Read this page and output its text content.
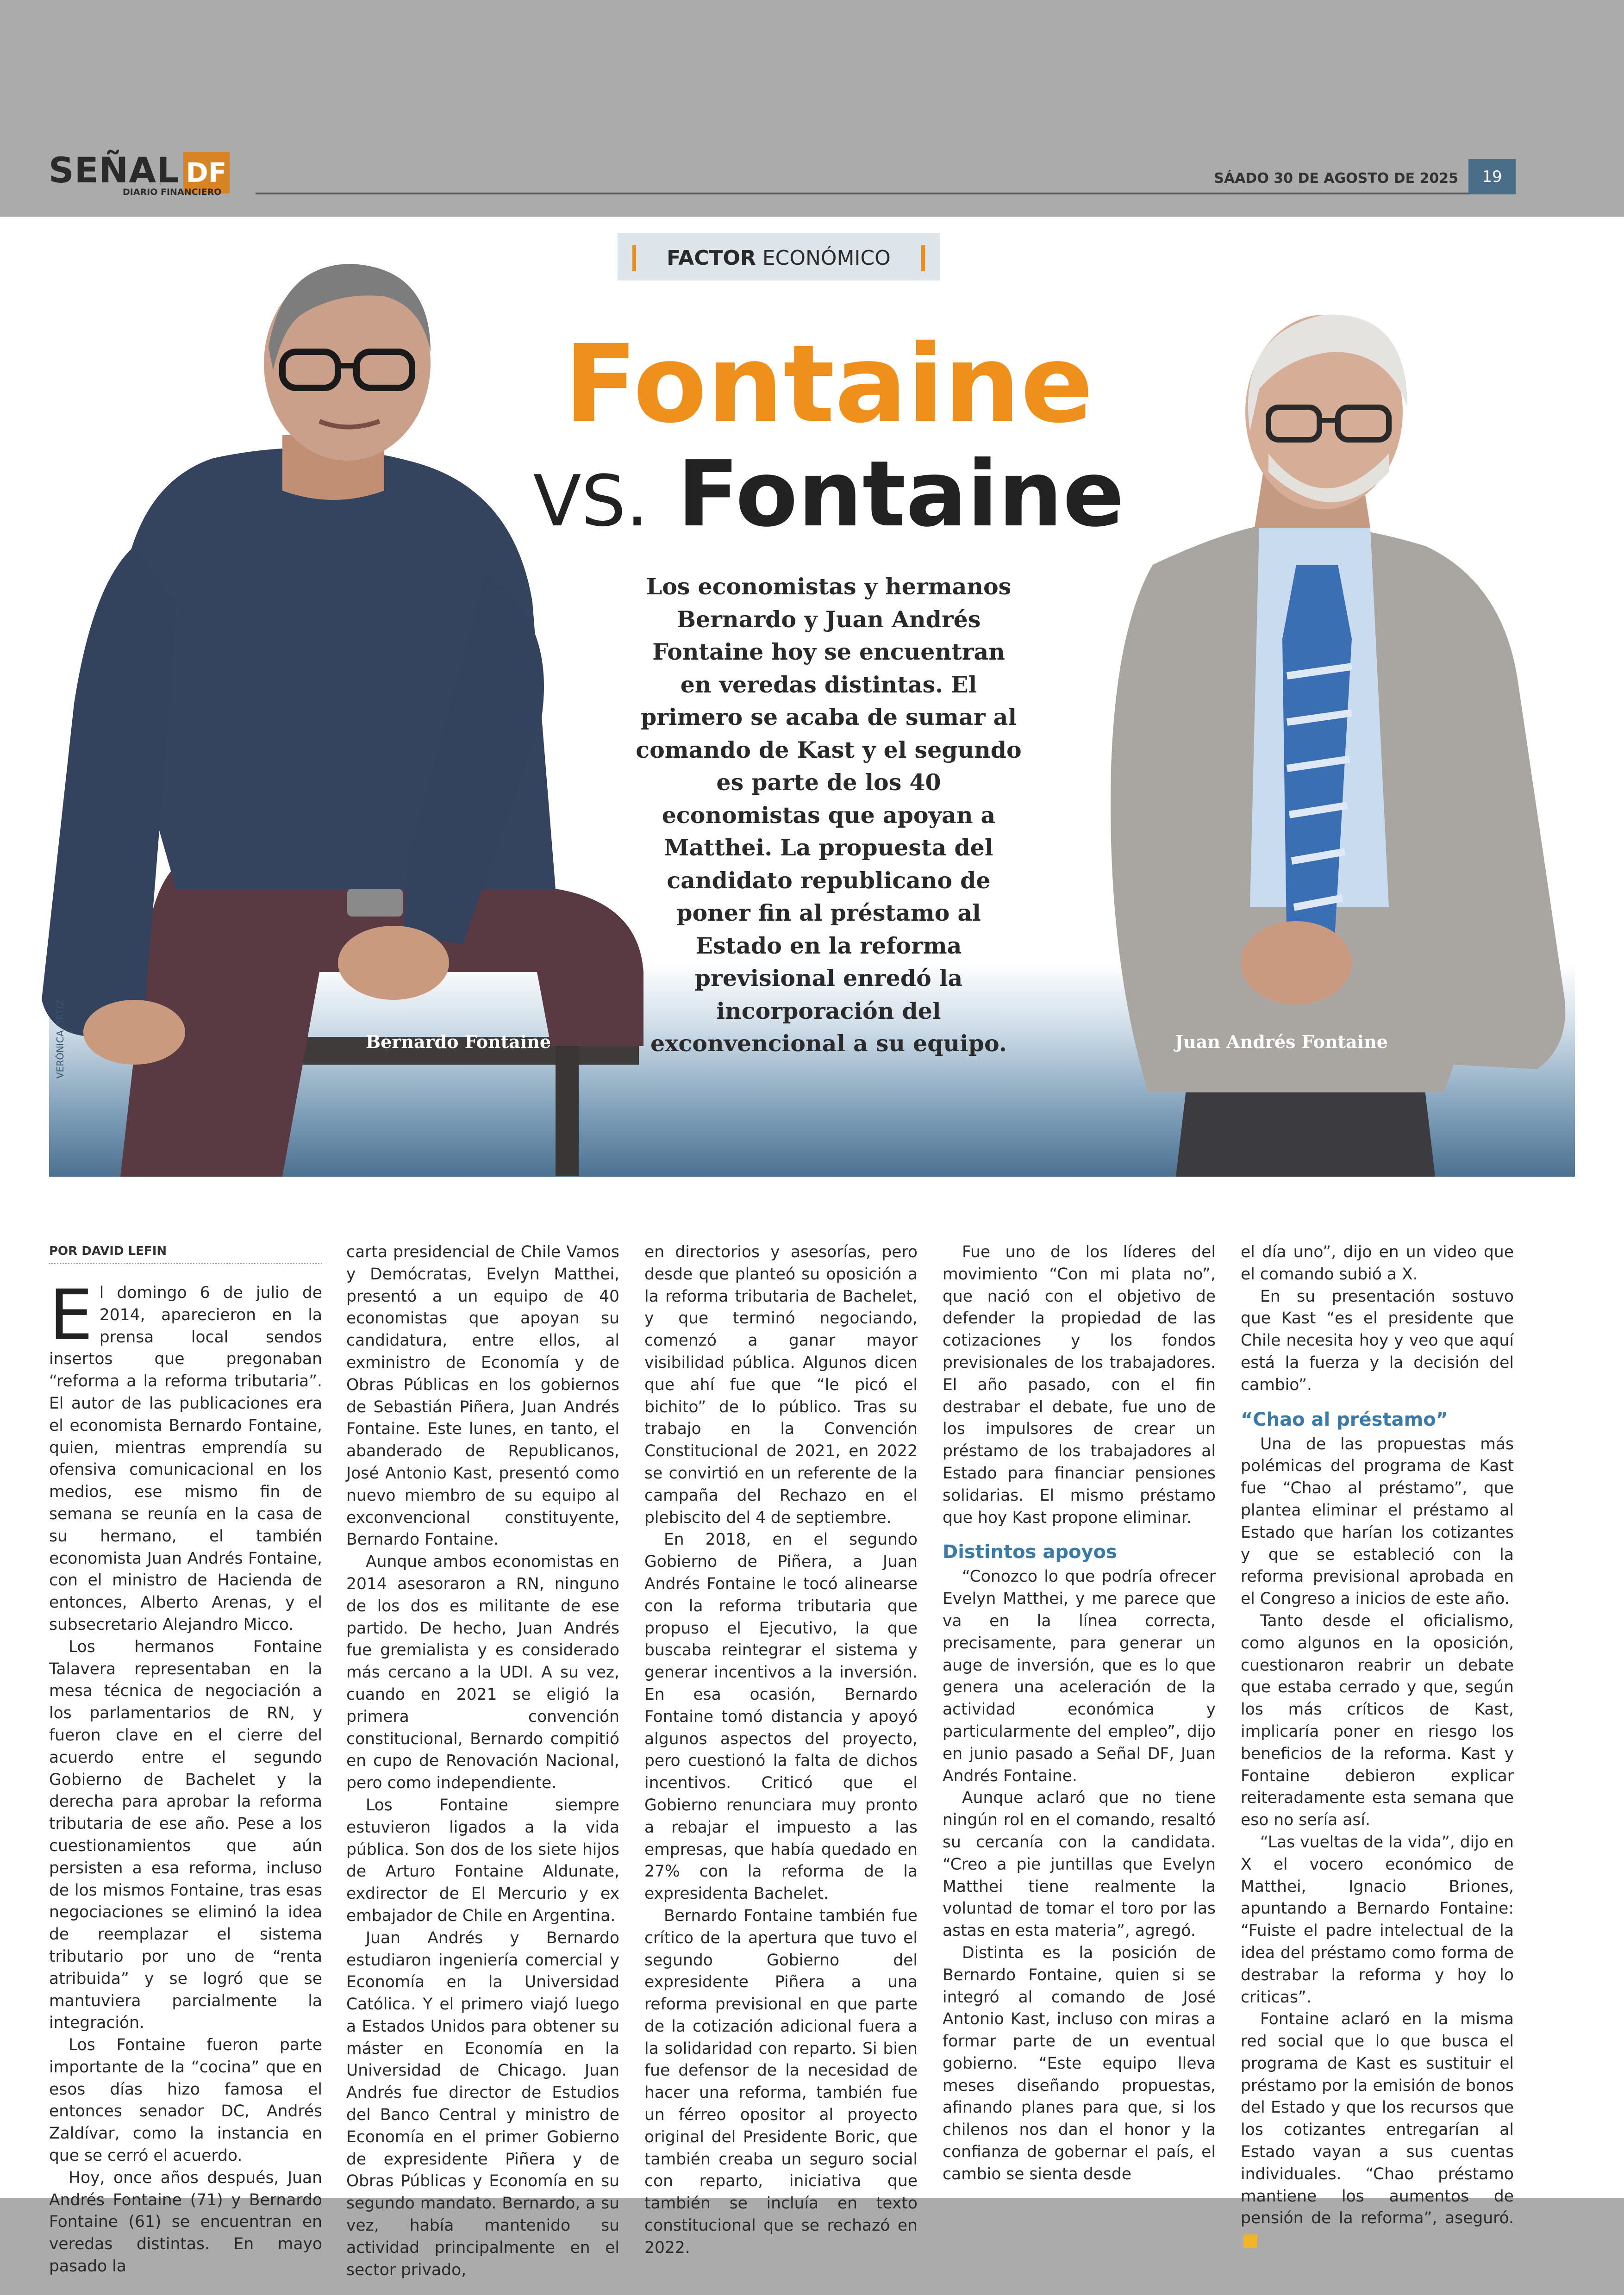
SEÑAL DF
DIARIO FINANCIERO
SÁADO 30 DE AGOSTO DE 2025	19
FACTOR ECONÓMICO
Fontaine
VS. Fontaine
Los economistas y hermanos Bernardo y Juan Andrés Fontaine hoy se encuentran en veredas distintas. El primero se acaba de sumar al comando de Kast y el segundo es parte de los 40 economistas que apoyan a Matthei. La propuesta del candidato republicano de poner fin al préstamo al Estado en la reforma previsional enredó la incorporación del exconvencional a su equipo.
Bernardo Fontaine	Juan Andrés Fontaine
VERÓNICA ORTIZ
POR DAVID LEFIN

El domingo 6 de julio de 2014, aparecieron en la prensa local sendos insertos que pregonaban “reforma a la reforma tributaria”. El autor de las publicaciones era el economista Bernardo Fontaine, quien, mientras emprendía su ofensiva comunicacional en los medios, ese mismo fin de semana se reunía en la casa de su hermano, el también economista Juan Andrés Fontaine, con el ministro de Hacienda de entonces, Alberto Arenas, y el subsecretario Alejandro Micco.

Los hermanos Fontaine Talavera representaban en la mesa técnica de negociación a los parlamentarios de RN, y fueron clave en el cierre del acuerdo entre el segundo Gobierno de Bachelet y la derecha para aprobar la reforma tributaria de ese año. Pese a los cuestionamientos que aún persisten a esa reforma, incluso de los mismos Fontaine, tras esas negociaciones se eliminó la idea de reemplazar el sistema tributario por uno de “renta atribuida” y se logró que se mantuviera parcialmente la integración.

Los Fontaine fueron parte importante de la “cocina” que en esos días hizo famosa el entonces senador DC, Andrés Zaldívar, como la instancia en que se cerró el acuerdo.

Hoy, once años después, Juan Andrés Fontaine (71) y Bernardo Fontaine (61) se encuentran en veredas distintas. En mayo pasado la

carta presidencial de Chile Vamos y Demócratas, Evelyn Matthei, presentó a un equipo de 40 economistas que apoyan su candidatura, entre ellos, al exministro de Economía y de Obras Públicas en los gobiernos de Sebastián Piñera, Juan Andrés Fontaine. Este lunes, en tanto, el abanderado de Republicanos, José Antonio Kast, presentó como nuevo miembro de su equipo al exconvencional constituyente, Bernardo Fontaine.

Aunque ambos economistas en 2014 asesoraron a RN, ninguno de los dos es militante de ese partido. De hecho, Juan Andrés fue gremialista y es considerado más cercano a la UDI. A su vez, cuando en 2021 se eligió la primera convención constitucional, Bernardo compitió en cupo de Renovación Nacional, pero como independiente.

Los Fontaine siempre estuvieron ligados a la vida pública. Son dos de los siete hijos de Arturo Fontaine Aldunate, exdirector de El Mercurio y ex embajador de Chile en Argentina.

Juan Andrés y Bernardo estudiaron ingeniería comercial y Economía en la Universidad Católica. Y el primero viajó luego a Estados Unidos para obtener su máster en Economía en la Universidad de Chicago. Juan Andrés fue director de Estudios del Banco Central y ministro de Economía en el primer Gobierno de expresidente Piñera y de Obras Públicas y Economía en su segundo mandato. Bernardo, a su vez, había mantenido su actividad principalmente en el sector privado,

en directorios y asesorías, pero desde que planteó su oposición a la reforma tributaria de Bachelet, y que terminó negociando, comenzó a ganar mayor visibilidad pública. Algunos dicen que ahí fue que “le picó el bichito” de lo público. Tras su trabajo en la Convención Constitucional de 2021, en 2022 se convirtió en un referente de la campaña del Rechazo en el plebiscito del 4 de septiembre.

En 2018, en el segundo Gobierno de Piñera, a Juan Andrés Fontaine le tocó alinearse con la reforma tributaria que propuso el Ejecutivo, la que buscaba reintegrar el sistema y generar incentivos a la inversión. En esa ocasión, Bernardo Fontaine tomó distancia y apoyó algunos aspectos del proyecto, pero cuestionó la falta de dichos incentivos. Criticó que el Gobierno renunciara muy pronto a rebajar el impuesto a las empresas, que había quedado en 27% con la reforma de la expresidenta Bachelet.

Bernardo Fontaine también fue crítico de la apertura que tuvo el segundo Gobierno del expresidente Piñera a una reforma previsional en que parte de la cotización adicional fuera a la solidaridad con reparto. Si bien fue defensor de la necesidad de hacer una reforma, también fue un férreo opositor al proyecto original del Presidente Boric, que también creaba un seguro social con reparto, iniciativa que también se incluía en texto constitucional que se rechazó en 2022.

Fue uno de los líderes del movimiento “Con mi plata no”, que nació con el objetivo de defender la propiedad de las cotizaciones y los fondos previsionales de los trabajadores. El año pasado, con el fin destrabar el debate, fue uno de los impulsores de crear un préstamo de los trabajadores al Estado para financiar pensiones solidarias. El mismo préstamo que hoy Kast propone eliminar.

Distintos apoyos

“Conozco lo que podría ofrecer Evelyn Matthei, y me parece que va en la línea correcta, precisamente, para generar un auge de inversión, que es lo que genera una aceleración de la actividad económica y particularmente del empleo”, dijo en junio pasado a Señal DF, Juan Andrés Fontaine.

Aunque aclaró que no tiene ningún rol en el comando, resaltó su cercanía con la candidata. “Creo a pie juntillas que Evelyn Matthei tiene realmente la voluntad de tomar el toro por las astas en esta materia”, agregó.

Distinta es la posición de Bernardo Fontaine, quien si se integró al comando de José Antonio Kast, incluso con miras a formar parte de un eventual gobierno. “Este equipo lleva meses diseñando propuestas, afinando planes para que, si los chilenos nos dan el honor y la confianza de gobernar el país, el cambio se sienta desde

el día uno”, dijo en un video que el comando subió a X.

En su presentación sostuvo que Kast “es el presidente que Chile necesita hoy y veo que aquí está la fuerza y la decisión del cambio”.

“Chao al préstamo”

Una de las propuestas más polémicas del programa de Kast fue “Chao al préstamo”, que plantea eliminar el préstamo al Estado que harían los cotizantes y que se estableció con la reforma previsional aprobada en el Congreso a inicios de este año.

Tanto desde el oficialismo, como algunos en la oposición, cuestionaron reabrir un debate que estaba cerrado y que, según los más críticos de Kast, implicaría poner en riesgo los beneficios de la reforma. Kast y Fontaine debieron explicar reiteradamente esta semana que eso no sería así.

“Las vueltas de la vida”, dijo en X el vocero económico de Matthei, Ignacio Briones, apuntando a Bernardo Fontaine: “Fuiste el padre intelectual de la idea del préstamo como forma de destrabar la reforma y hoy lo criticas”.

Fontaine aclaró en la misma red social que lo que busca el programa de Kast es sustituir el préstamo por la emisión de bonos del Estado y que los recursos que los cotizantes entregarían al Estado vayan a sus cuentas individuales. “Chao préstamo mantiene los aumentos de pensión de la reforma”, aseguró.
